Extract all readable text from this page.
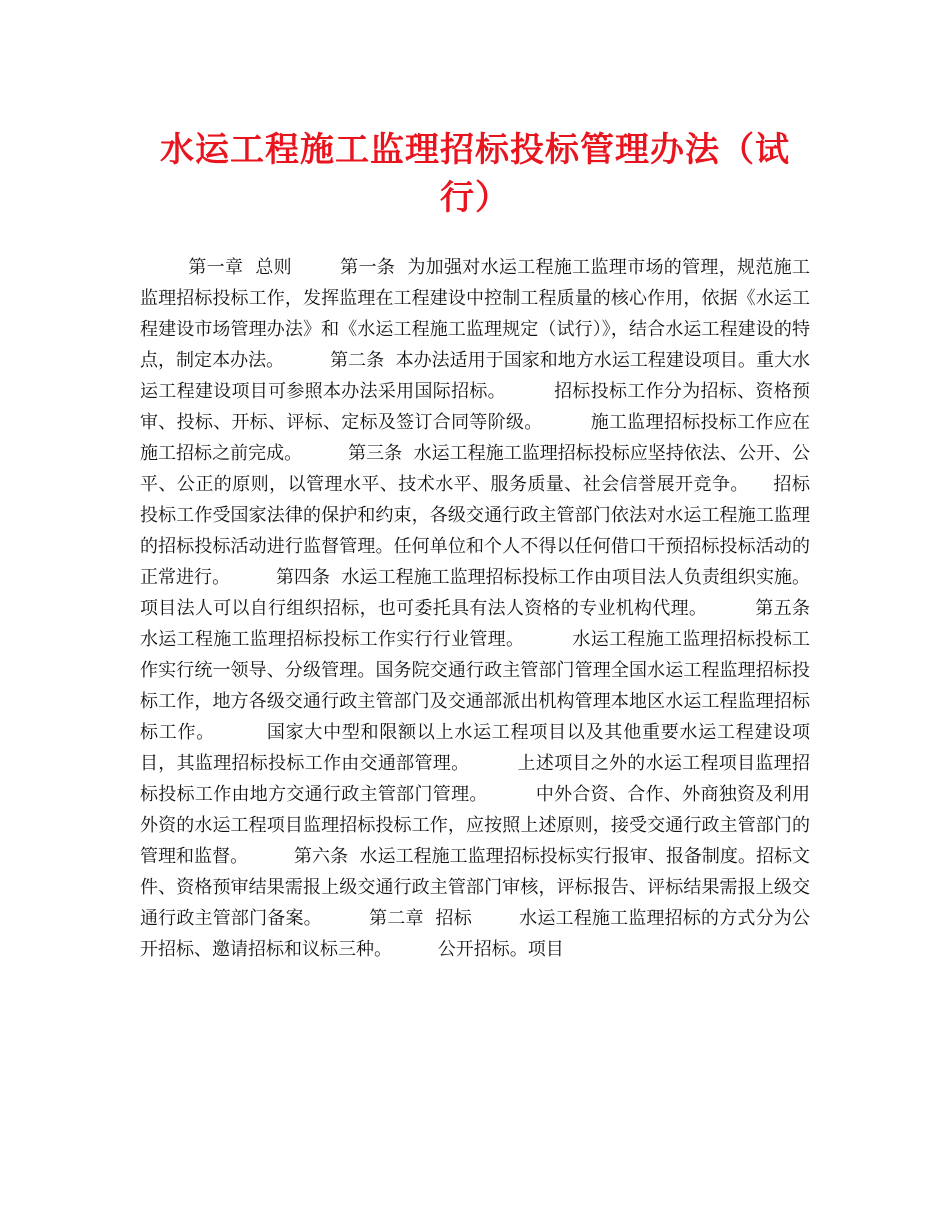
水运工程施工监理招标投标管理办法（试行）

第一章  总则        第一条  为加强对水运工程施工监理市场的管理，规范施工监理招标投标工作，发挥监理在工程建设中控制工程质量的核心作用，依据《水运工程建设市场管理办法》和《水运工程施工监理规定（试行）》，结合水运工程建设的特点，制定本办法。        第二条  本办法适用于国家和地方水运工程建设项目。重大水运工程建设项目可参照本办法采用国际招标。        招标投标工作分为招标、资格预审、投标、开标、评标、定标及签订合同等阶级。        施工监理招标投标工作应在施工招标之前完成。        第三条  水运工程施工监理招标投标应坚持依法、公开、公平、公正的原则，以管理水平、技术水平、服务质量、社会信誉展开竞争。    招标投标工作受国家法律的保护和约束，各级交通行政主管部门依法对水运工程施工监理的招标投标活动进行监督管理。任何单位和个人不得以任何借口干预招标投标活动的正常进行。        第四条  水运工程施工监理招标投标工作由项目法人负责组织实施。        项目法人可以自行组织招标，也可委托具有法人资格的专业机构代理。        第五条  水运工程施工监理招标投标工作实行行业管理。        水运工程施工监理招标投标工作实行统一领导、分级管理。国务院交通行政主管部门管理全国水运工程监理招标投标工作，地方各级交通行政主管部门及交通部派出机构管理本地区水运工程监理招标标工作。        国家大中型和限额以上水运工程项目以及其他重要水运工程建设项目，其监理招标投标工作由交通部管理。        上述项目之外的水运工程项目监理招标投标工作由地方交通行政主管部门管理。        中外合资、合作、外商独资及利用外资的水运工程项目监理招标投标工作，应按照上述原则，接受交通行政主管部门的管理和监督。        第六条  水运工程施工监理招标投标实行报审、报备制度。招标文件、资格预审结果需报上级交通行政主管部门审核，评标报告、评标结果需报上级交通行政主管部门备案。        第二章  招标        水运工程施工监理招标的方式分为公开招标、邀请招标和议标三种。        公开招标。项目
